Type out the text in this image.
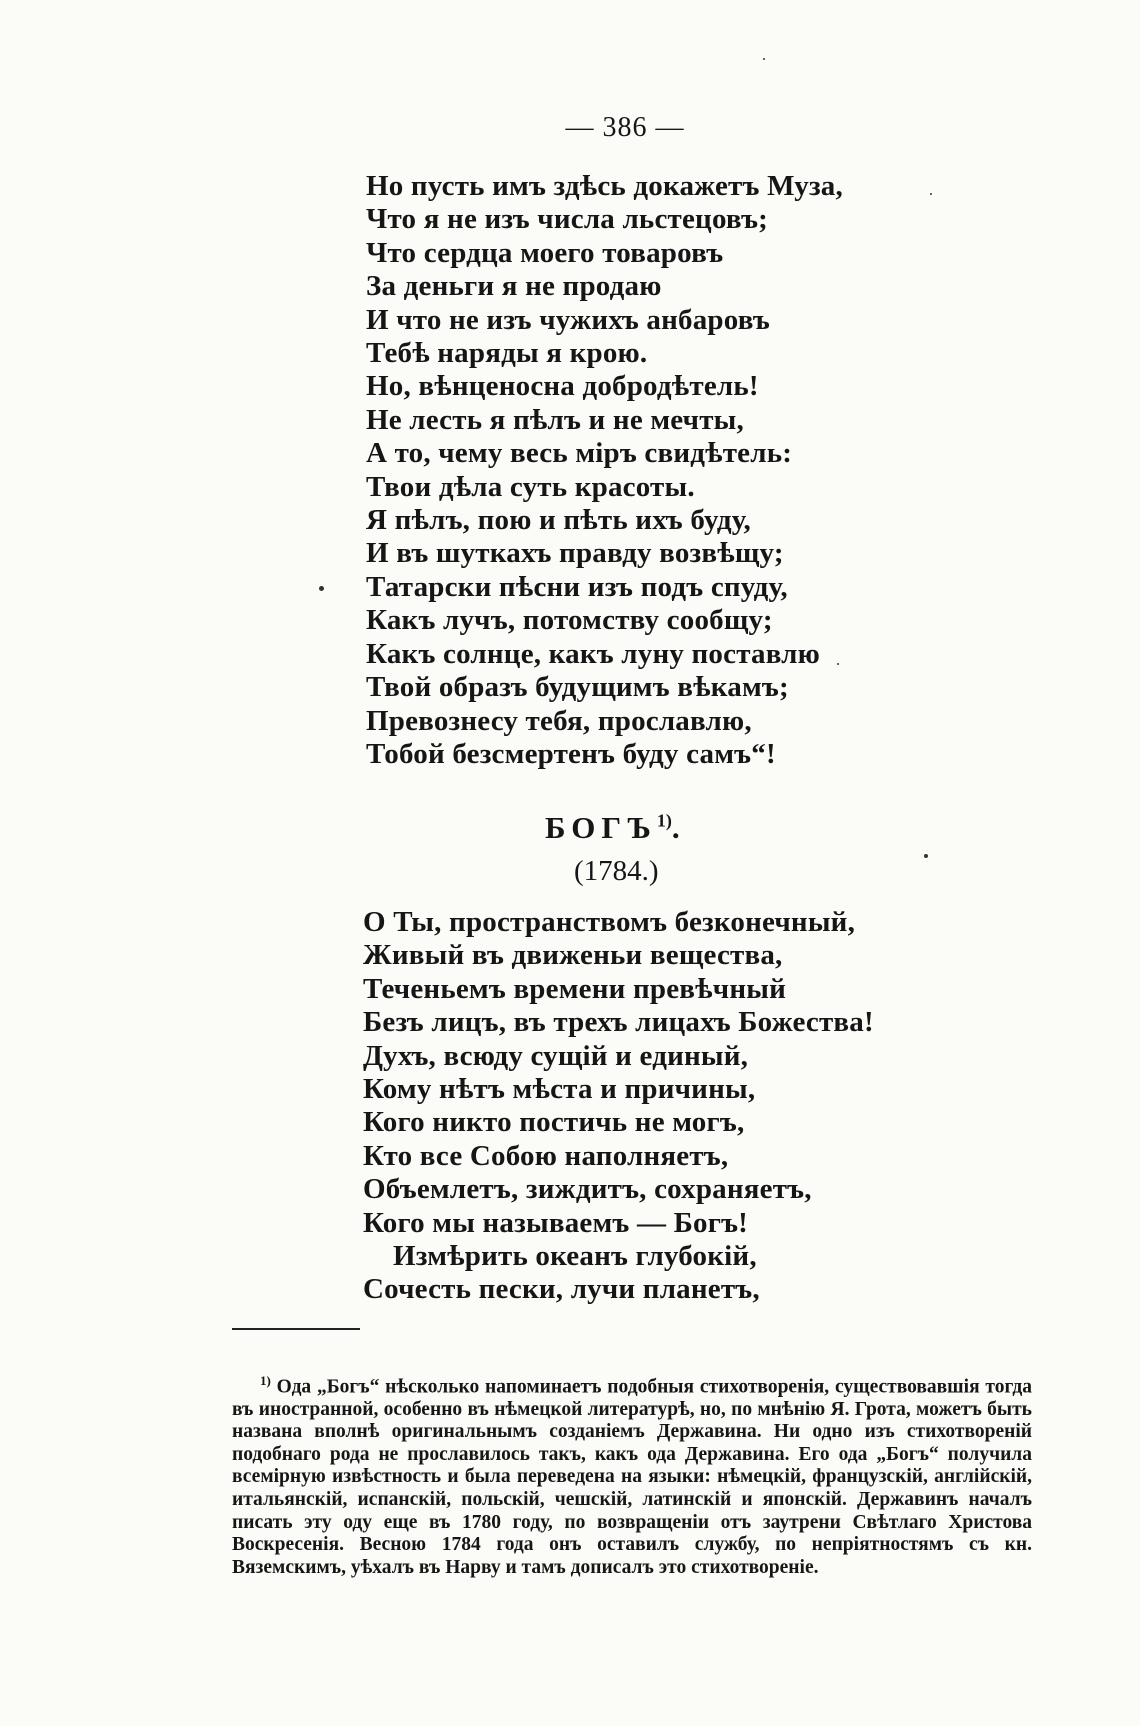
— 386 —
Но пусть имъ здѣсь докажетъ Муза,
Что я не изъ числа льстецовъ;
Что сердца моего товаровъ
За деньги я не продаю
И что не изъ чужихъ анбаровъ
Тебѣ наряды я крою.
Но, вѣнценосна добродѣтель!
Не лесть я пѣлъ и не мечты,
А то, чему весь міръ свидѣтель:
Твои дѣла суть красоты.
Я пѣлъ, пою и пѣть ихъ буду,
И въ шуткахъ правду возвѣщу;
Татарски пѣсни изъ подъ спуду,
Какъ лучъ, потомству сообщу;
Какъ солнце, какъ луну поставлю
Твой образъ будущимъ вѣкамъ;
Превознесу тебя, прославлю,
Тобой безсмертенъ буду самъ“!
БОГЪ$^{1)}$.
(1784.)
О Ты, пространствомъ безконечный,
Живый въ движеньи вещества,
Теченьемъ времени превѣчный
Безъ лицъ, въ трехъ лицахъ Божества!
Духъ, всюду сущій и единый,
Кому нѣтъ мѣста и причины,
Кого никто постичь не могъ,
Кто все Собою наполняетъ,
Объемлетъ, зиждитъ, сохраняетъ,
Кого мы называемъ — Богъ!
Измѣрить океанъ глубокій,
Сочесть пески, лучи планетъ,

$^{1)}$ Ода „Богъ“ нѣсколько напоминаетъ подобныя стихотворенія, существовавшія тогда въ иностранной, особенно въ нѣмецкой литературѣ, но, по мнѣнію Я. Грота, можетъ быть названа вполнѣ оригинальнымъ созданіемъ Державина. Ни одно изъ стихотвореній подобнаго рода не прославилось такъ, какъ ода Державина. Его ода „Богъ“ получила всемірную извѣстность и была переведена на языки: нѣмецкій, французскій, англійскій, итальянскій, испанскій, польскій, чешскій, латинскій и японскій. Державинъ началъ писать эту оду еще въ 1780 году, по возвращеніи отъ заутрени Свѣтлаго Христова Воскресенія. Весною 1784 года онъ оставилъ службу, по непріятностямъ съ кн. Вяземскимъ, уѣхалъ въ Нарву и тамъ дописалъ это стихотвореніе.
